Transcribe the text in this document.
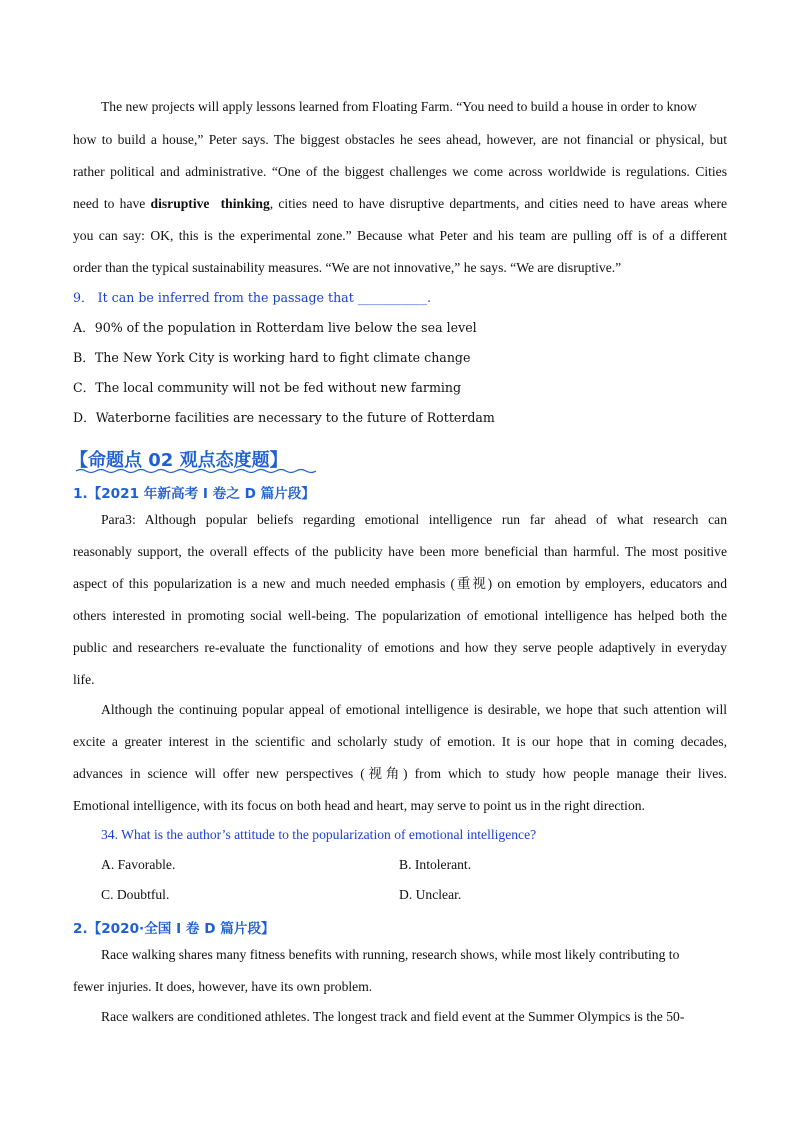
The new projects will apply lessons learned from Floating Farm. “You need to build a house in order to know
how to build a house,” Peter says. The biggest obstacles he sees ahead, however, are not financial or physical, but
rather political and administrative. “One of the biggest challenges we come across worldwide is regulations. Cities
need to have disruptive thinking, cities need to have disruptive departments, and cities need to have areas where
you can say: OK, this is the experimental zone.” Because what Peter and his team are pulling off is of a different
order than the typical sustainability measures. “We are not innovative,” he says. “We are disruptive.”
9． It can be inferred from the passage that ___________.
A．90% of the population in Rotterdam live below the sea level
B．The New York City is working hard to fight climate change
C．The local community will not be fed without new farming
D．Waterborne facilities are necessary to the future of Rotterdam
【命题点 02 观点态度题】
1.【2021 年新高考 I 卷之 D 篇片段】
Para3: Although popular beliefs regarding emotional intelligence run far ahead of what research can
reasonably support, the overall effects of the publicity have been more beneficial than harmful. The most positive
aspect of this popularization is a new and much needed emphasis (重视) on emotion by employers, educators and
others interested in promoting social well-being. The popularization of emotional intelligence has helped both the
public and researchers re-evaluate the functionality of emotions and how they serve people adaptively in everyday
life.
Although the continuing popular appeal of emotional intelligence is desirable, we hope that such attention will
excite a greater interest in the scientific and scholarly study of emotion. It is our hope that in coming decades,
advances in science will offer new perspectives (视角) from which to study how people manage their lives.
Emotional intelligence, with its focus on both head and heart, may serve to point us in the right direction.
34. What is the author’s attitude to the popularization of emotional intelligence?
A. Favorable.	B. Intolerant.
C. Doubtful.	D. Unclear.
2.【2020·全国 I 卷 D 篇片段】
Race walking shares many fitness benefits with running, research shows, while most likely contributing to
fewer injuries. It does, however, have its own problem.
Race walkers are conditioned athletes. The longest track and field event at the Summer Olympics is the 50-
